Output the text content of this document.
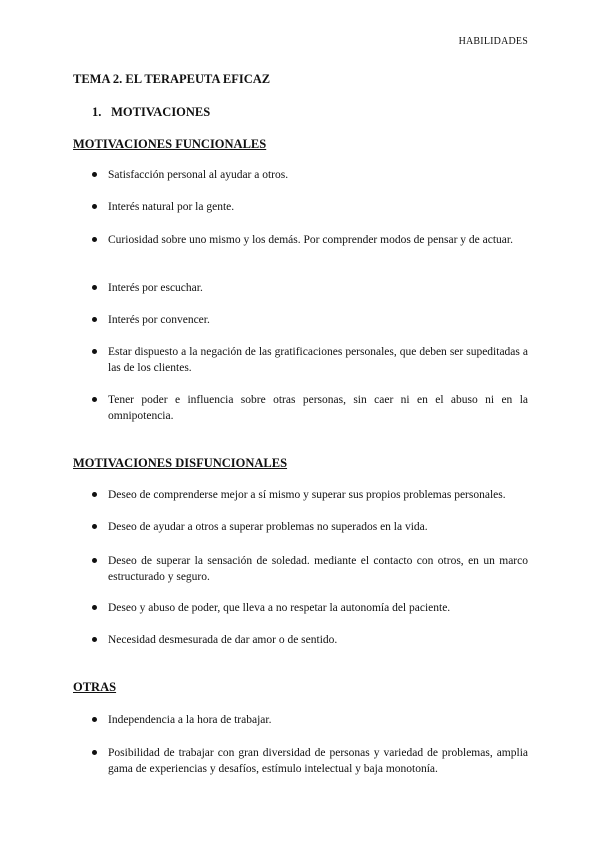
HABILIDADES
TEMA 2. EL TERAPEUTA EFICAZ
1. MOTIVACIONES
MOTIVACIONES FUNCIONALES
Satisfacción personal al ayudar a otros.
Interés natural por la gente.
Curiosidad sobre uno mismo y los demás. Por comprender modos de pensar y de actuar.
Interés por escuchar.
Interés por convencer.
Estar dispuesto a la negación de las gratificaciones personales, que deben ser supeditadas a las de los clientes.
Tener poder e influencia sobre otras personas, sin caer ni en el abuso ni en la omnipotencia.
MOTIVACIONES DISFUNCIONALES
Deseo de comprenderse mejor a sí mismo y superar sus propios problemas personales.
Deseo de ayudar a otros a superar problemas no superados en la vida.
Deseo de superar la sensación de soledad. mediante el contacto con otros, en un marco estructurado y seguro.
Deseo y abuso de poder, que lleva a no respetar la autonomía del paciente.
Necesidad desmesurada de dar amor o de sentido.
OTRAS
Independencia a la hora de trabajar.
Posibilidad de trabajar con gran diversidad de personas y variedad de problemas, amplia gama de experiencias y desafíos, estímulo intelectual y baja monotonía.
